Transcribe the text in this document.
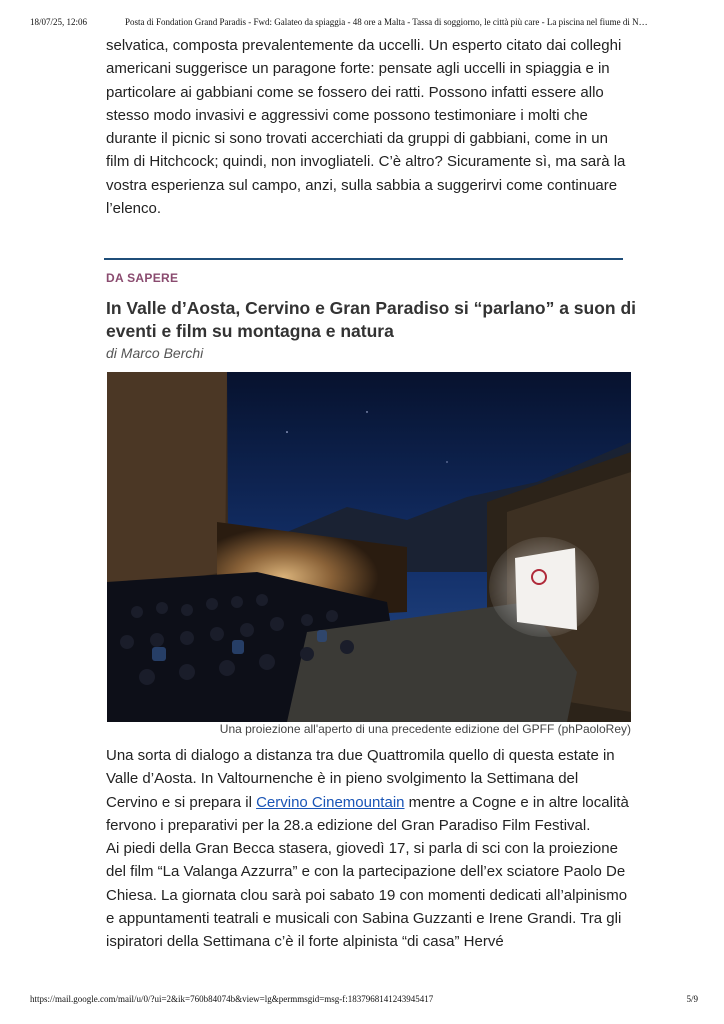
18/07/25, 12:06	Posta di Fondation Grand Paradis - Fwd: Galateo da spiaggia - 48 ore a Malta - Tassa di soggiorno, le città più care - La piscina nel fiume di N…

selvatica, composta prevalentemente da uccelli. Un esperto citato dai colleghi americani suggerisce un paragone forte: pensate agli uccelli in spiaggia e in particolare ai gabbiani come se fossero dei ratti. Possono infatti essere allo stesso modo invasivi e aggressivi come possono testimoniare i molti che durante il picnic si sono trovati accerchiati da gruppi di gabbiani, come in un film di Hitchcock; quindi, non invogliateli. C’è altro? Sicuramente sì, ma sarà la vostra esperienza sul campo, anzi, sulla sabbia a suggerirvi come continuare l’elenco.

DA SAPERE
In Valle d’Aosta, Cervino e Gran Paradiso si “parlano” a suon di eventi e film su montagna e natura
di Marco Berchi
Una proiezione all'aperto di una precedente edizione del GPFF (phPaoloRey)

Una sorta di dialogo a distanza tra due Quattromila quello di questa estate in Valle d’Aosta. In Valtournenche è in pieno svolgimento la Settimana del Cervino e si prepara il Cervino Cinemountain mentre a Cogne e in altre località fervono i preparativi per la 28.a edizione del Gran Paradiso Film Festival.

Ai piedi della Gran Becca stasera, giovedì 17, si parla di sci con la proiezione del film “La Valanga Azzurra” e con la partecipazione dell’ex sciatore Paolo De Chiesa. La giornata clou sarà poi sabato 19 con momenti dedicati all’alpinismo e appuntamenti teatrali e musicali con Sabina Guzzanti e Irene Grandi. Tra gli ispiratori della Settimana c’è il forte alpinista “di casa” Hervé

https://mail.google.com/mail/u/0/?ui=2&ik=760b84074b&view=lg&permmsgid=msg-f:1837968141243945417	5/9
